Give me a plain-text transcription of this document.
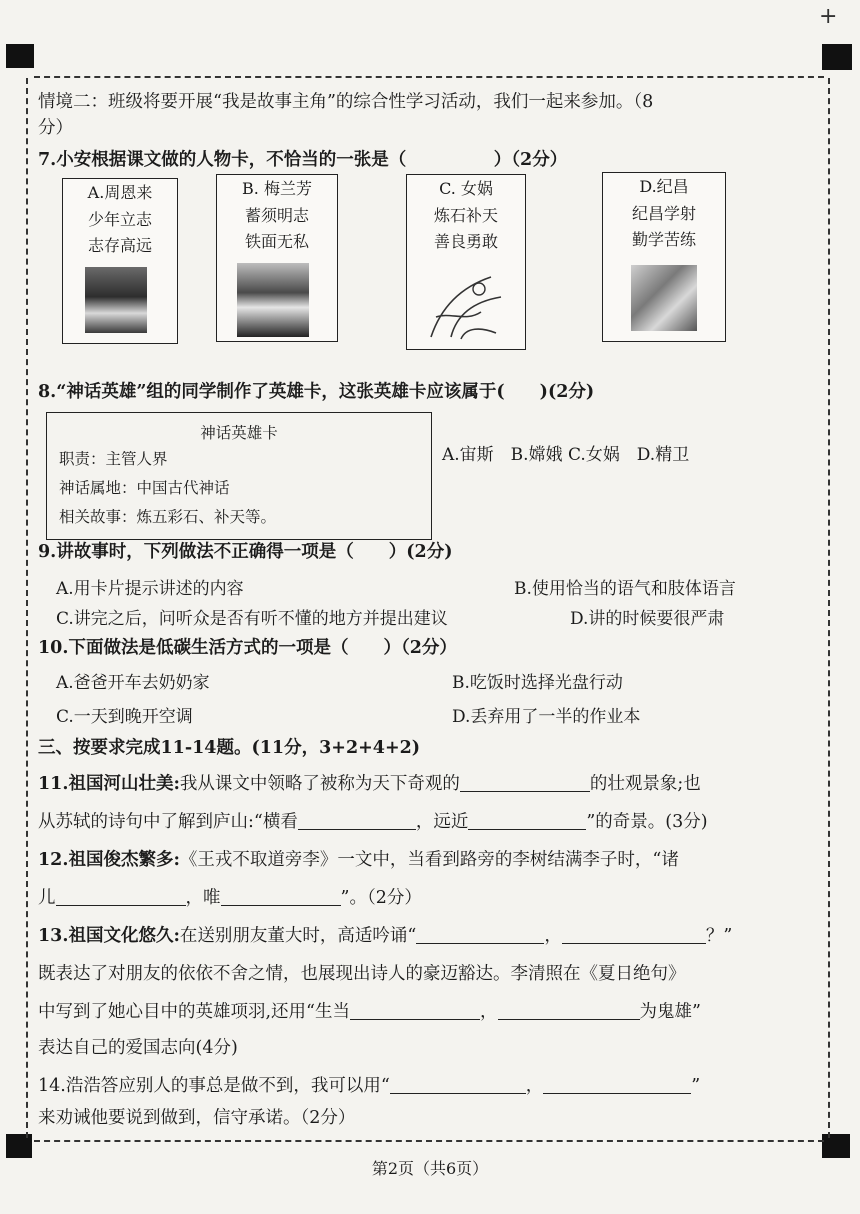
+
情境二：班级将要开展“我是故事主角”的综合性学习活动，我们一起来参加。（8
分）
7.小安根据课文做的人物卡，不恰当的一张是（　　　　　）（2分）
A.周恩来
少年立志
志存高远
B. 梅兰芳
蓄须明志
铁面无私
C. 女娲
炼石补天
善良勇敢
D.纪昌
纪昌学射
勤学苦练
8.“神话英雄”组的同学制作了英雄卡，这张英雄卡应该属于(　　)(2分)
神话英雄卡
职责：主管人界
神话属地：中国古代神话
相关故事：炼五彩石、补天等。
A.宙斯　B.嫦娥 C.女娲　D.精卫
9.讲故事时，下列做法不正确得一项是（　　）(2分)
A.用卡片提示讲述的内容	B.使用恰当的语气和肢体语言
C.讲完之后，问听众是否有听不懂的地方并提出建议	D.讲的时候要很严肃
10.下面做法是低碳生活方式的一项是（　　）（2分）
A.爸爸开车去奶奶家	B.吃饭时选择光盘行动
C.一天到晚开空调	D.丢弃用了一半的作业本
三、按要求完成11-14题。(11分，3+2+4+2)
11.祖国河山壮美:我从课文中领略了被称为天下奇观的	的壮观景象;也
从苏轼的诗句中了解到庐山:“横看	，远近	”的奇景。(3分)
12.祖国俊杰繁多:《王戎不取道旁李》一文中，当看到路旁的李树结满李子时，“诸
儿	，唯	”。（2分）
13.祖国文化悠久:在送别朋友董大时，高适吟诵“	，	？”
既表达了对朋友的依依不舍之情，也展现出诗人的豪迈豁达。李清照在《夏日绝句》
中写到了她心目中的英雄项羽,还用“生当	，	为鬼雄”
表达自己的爱国志向(4分)
14.浩浩答应别人的事总是做不到，我可以用“	，	”
来劝诫他要说到做到，信守承诺。（2分）
第2页（共6页）
